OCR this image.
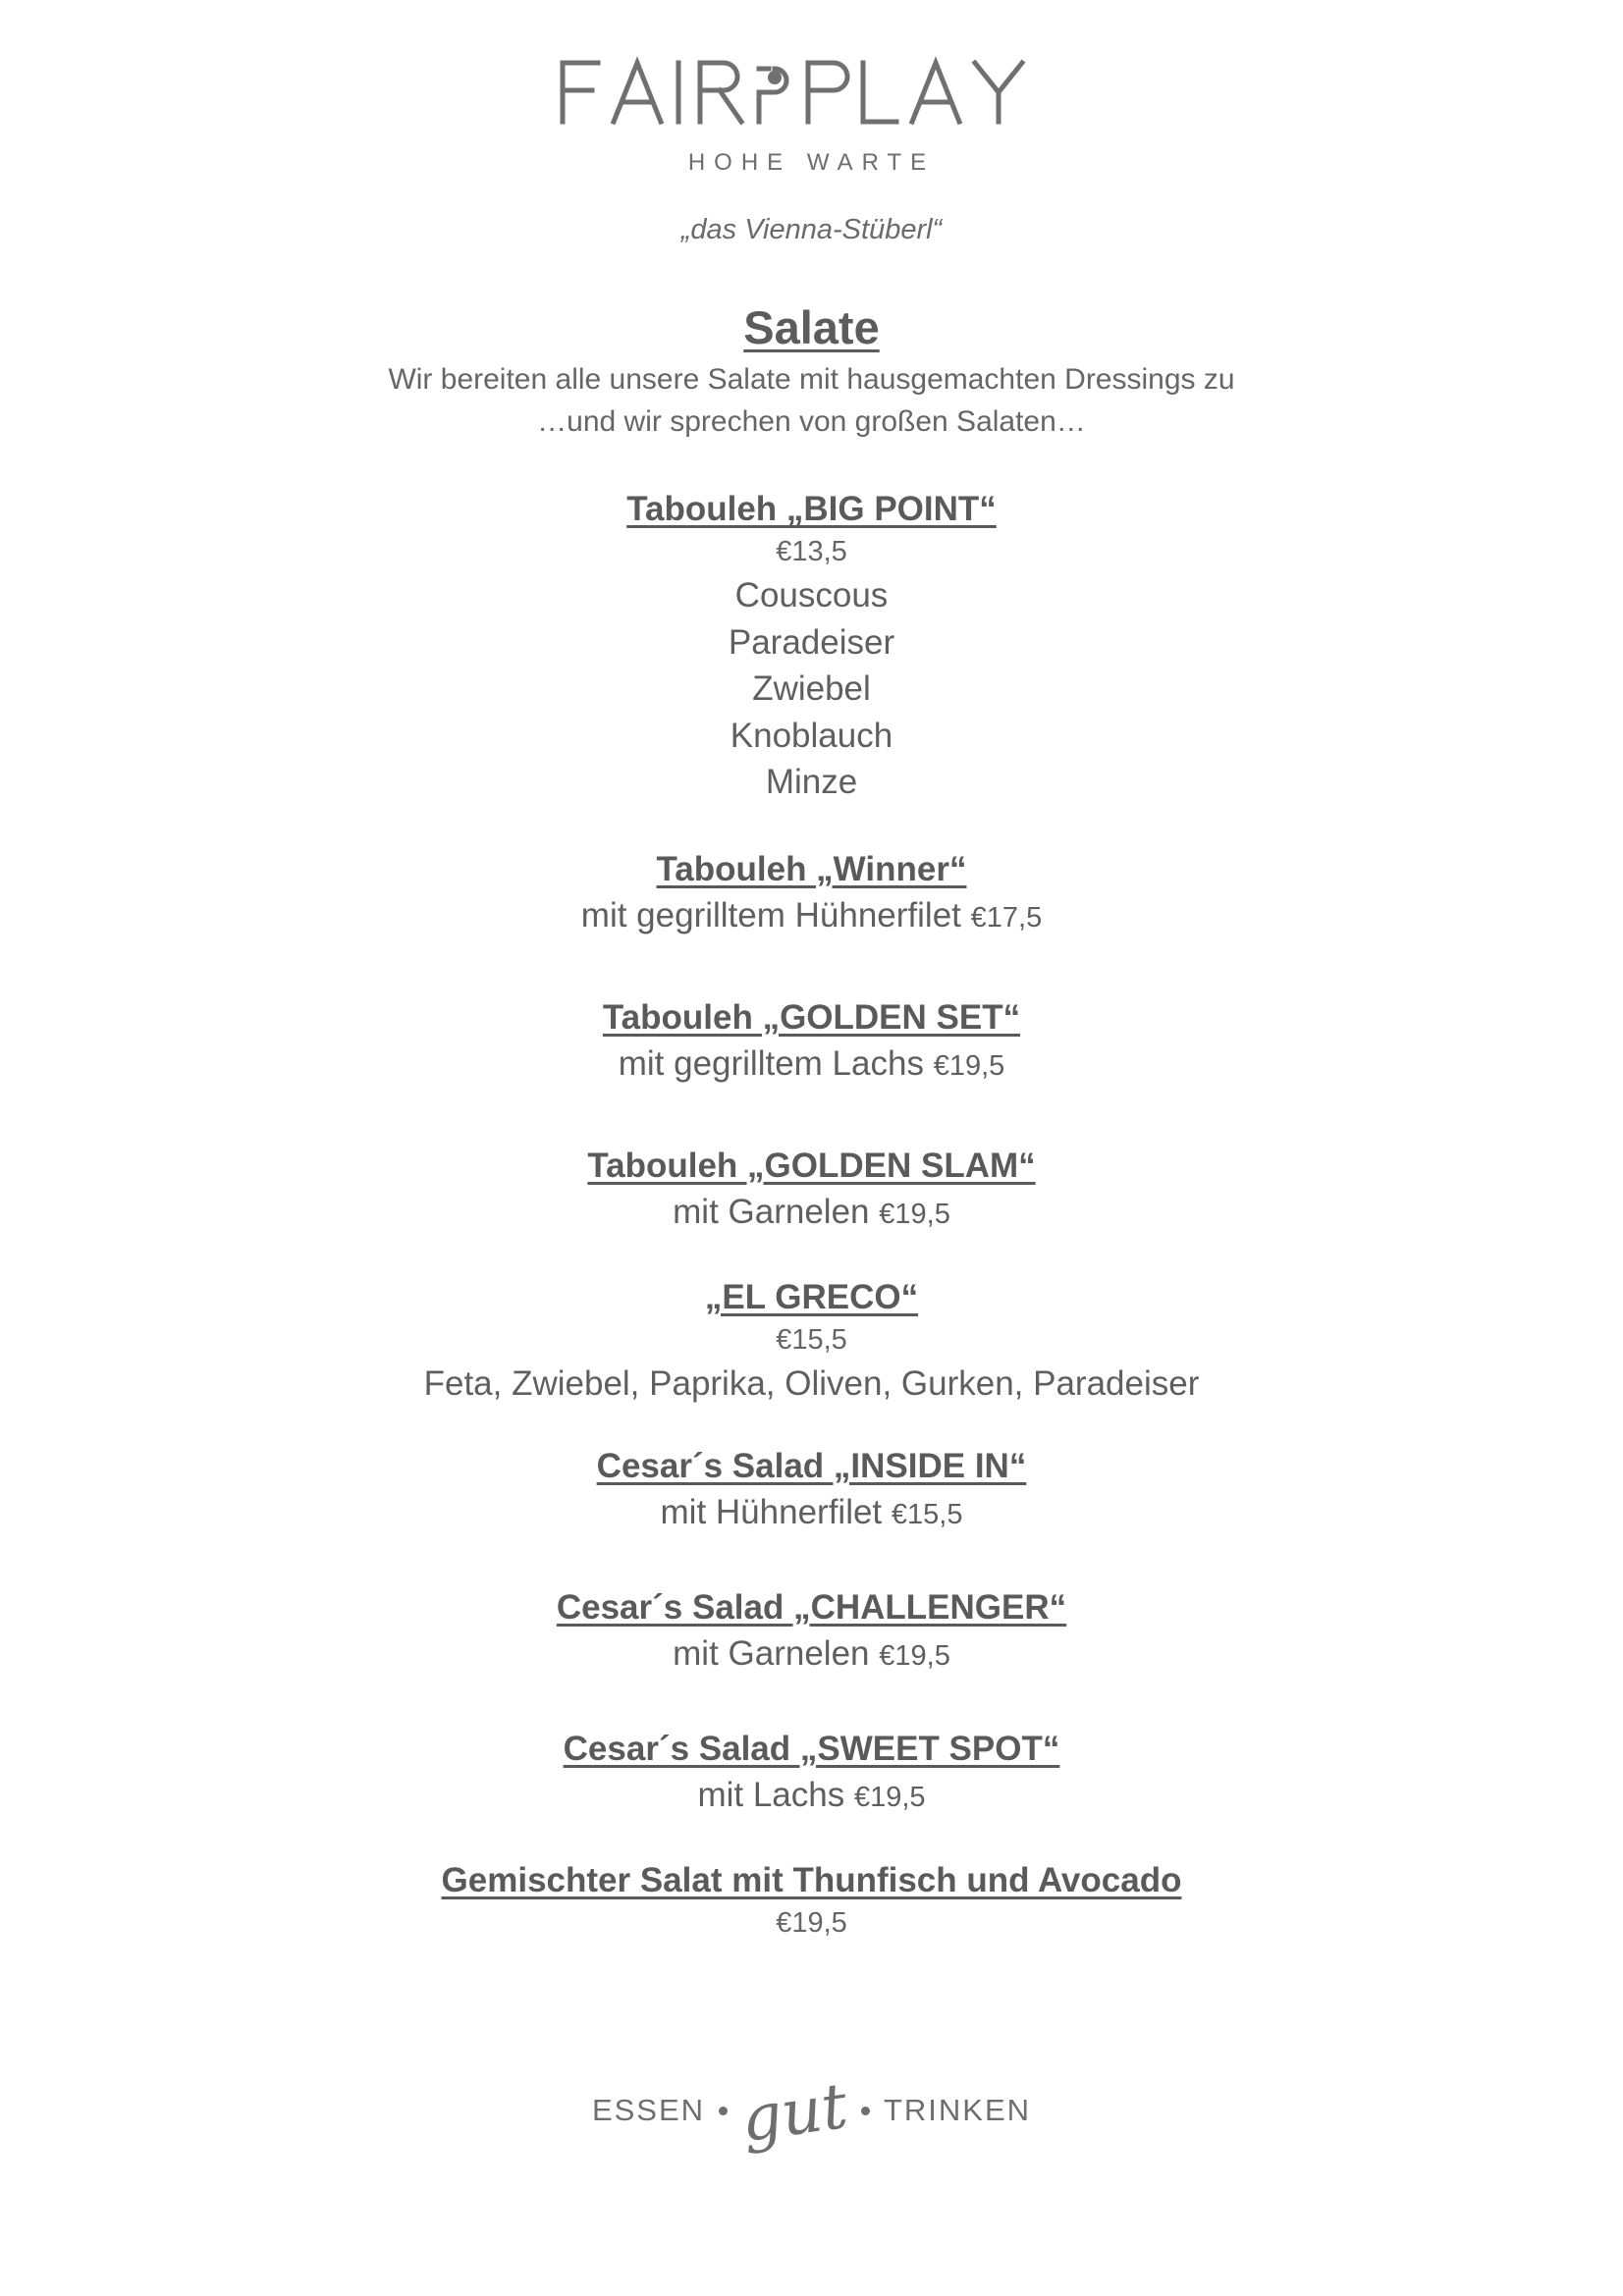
HOHE WARTE
„das Vienna-Stüberl“
Salate
Wir bereiten alle unsere Salate mit hausgemachten Dressings zu
…und wir sprechen von großen Salaten…
Tabouleh „BIG POINT“
€13,5
Couscous
Paradeiser
Zwiebel
Knoblauch
Minze
Tabouleh „Winner“
mit gegrilltem Hühnerfilet €17,5
Tabouleh „GOLDEN SET“
mit gegrilltem Lachs €19,5
Tabouleh „GOLDEN SLAM“
mit Garnelen €19,5
„EL GRECO“
€15,5
Feta, Zwiebel, Paprika, Oliven, Gurken, Paradeiser
Cesar´s Salad „INSIDE IN“
mit Hühnerfilet €15,5
Cesar´s Salad „CHALLENGER“
mit Garnelen €19,5
Cesar´s Salad „SWEET SPOT“
mit Lachs €19,5
Gemischter Salat mit Thunfisch und Avocado
€19,5
ESSEN gut TRINKEN
